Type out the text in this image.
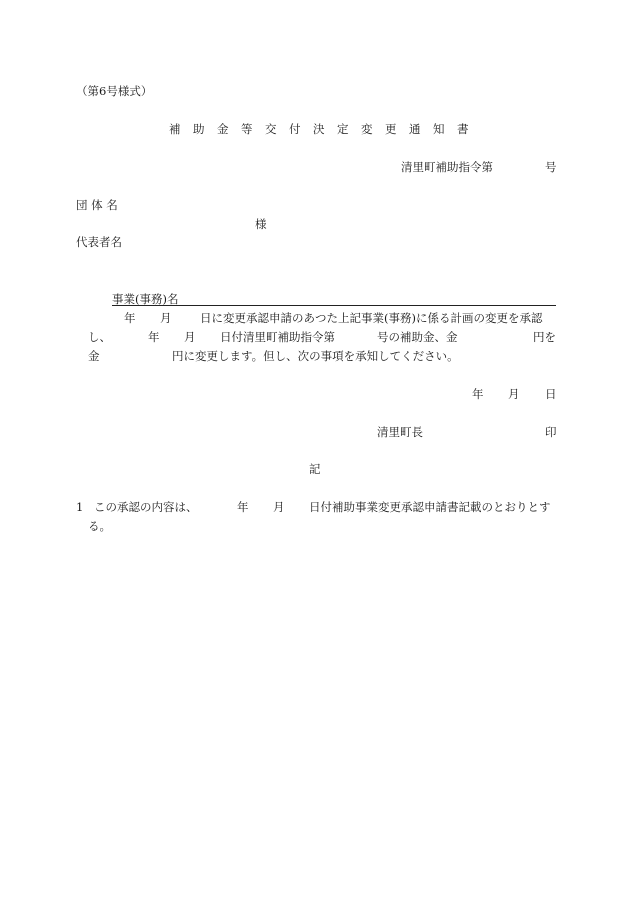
（第6号様式）
補助金等交付決定変更通知書
清里町補助指令第	号
団 体 名
様
代表者名
事業(事務)名
年 月 日に変更承認申請のあつた上記事業(事務)に係る計画の変更を承認
し、	年 月 日付清里町補助指令第	号の補助金、金	円を
金	円に変更します。但し、次の事項を承知してください。
年 月 日
清里町長	印
記
1 この承認の内容は、	年 月 日付補助事業変更承認申請書記載のとおりとす
る。
